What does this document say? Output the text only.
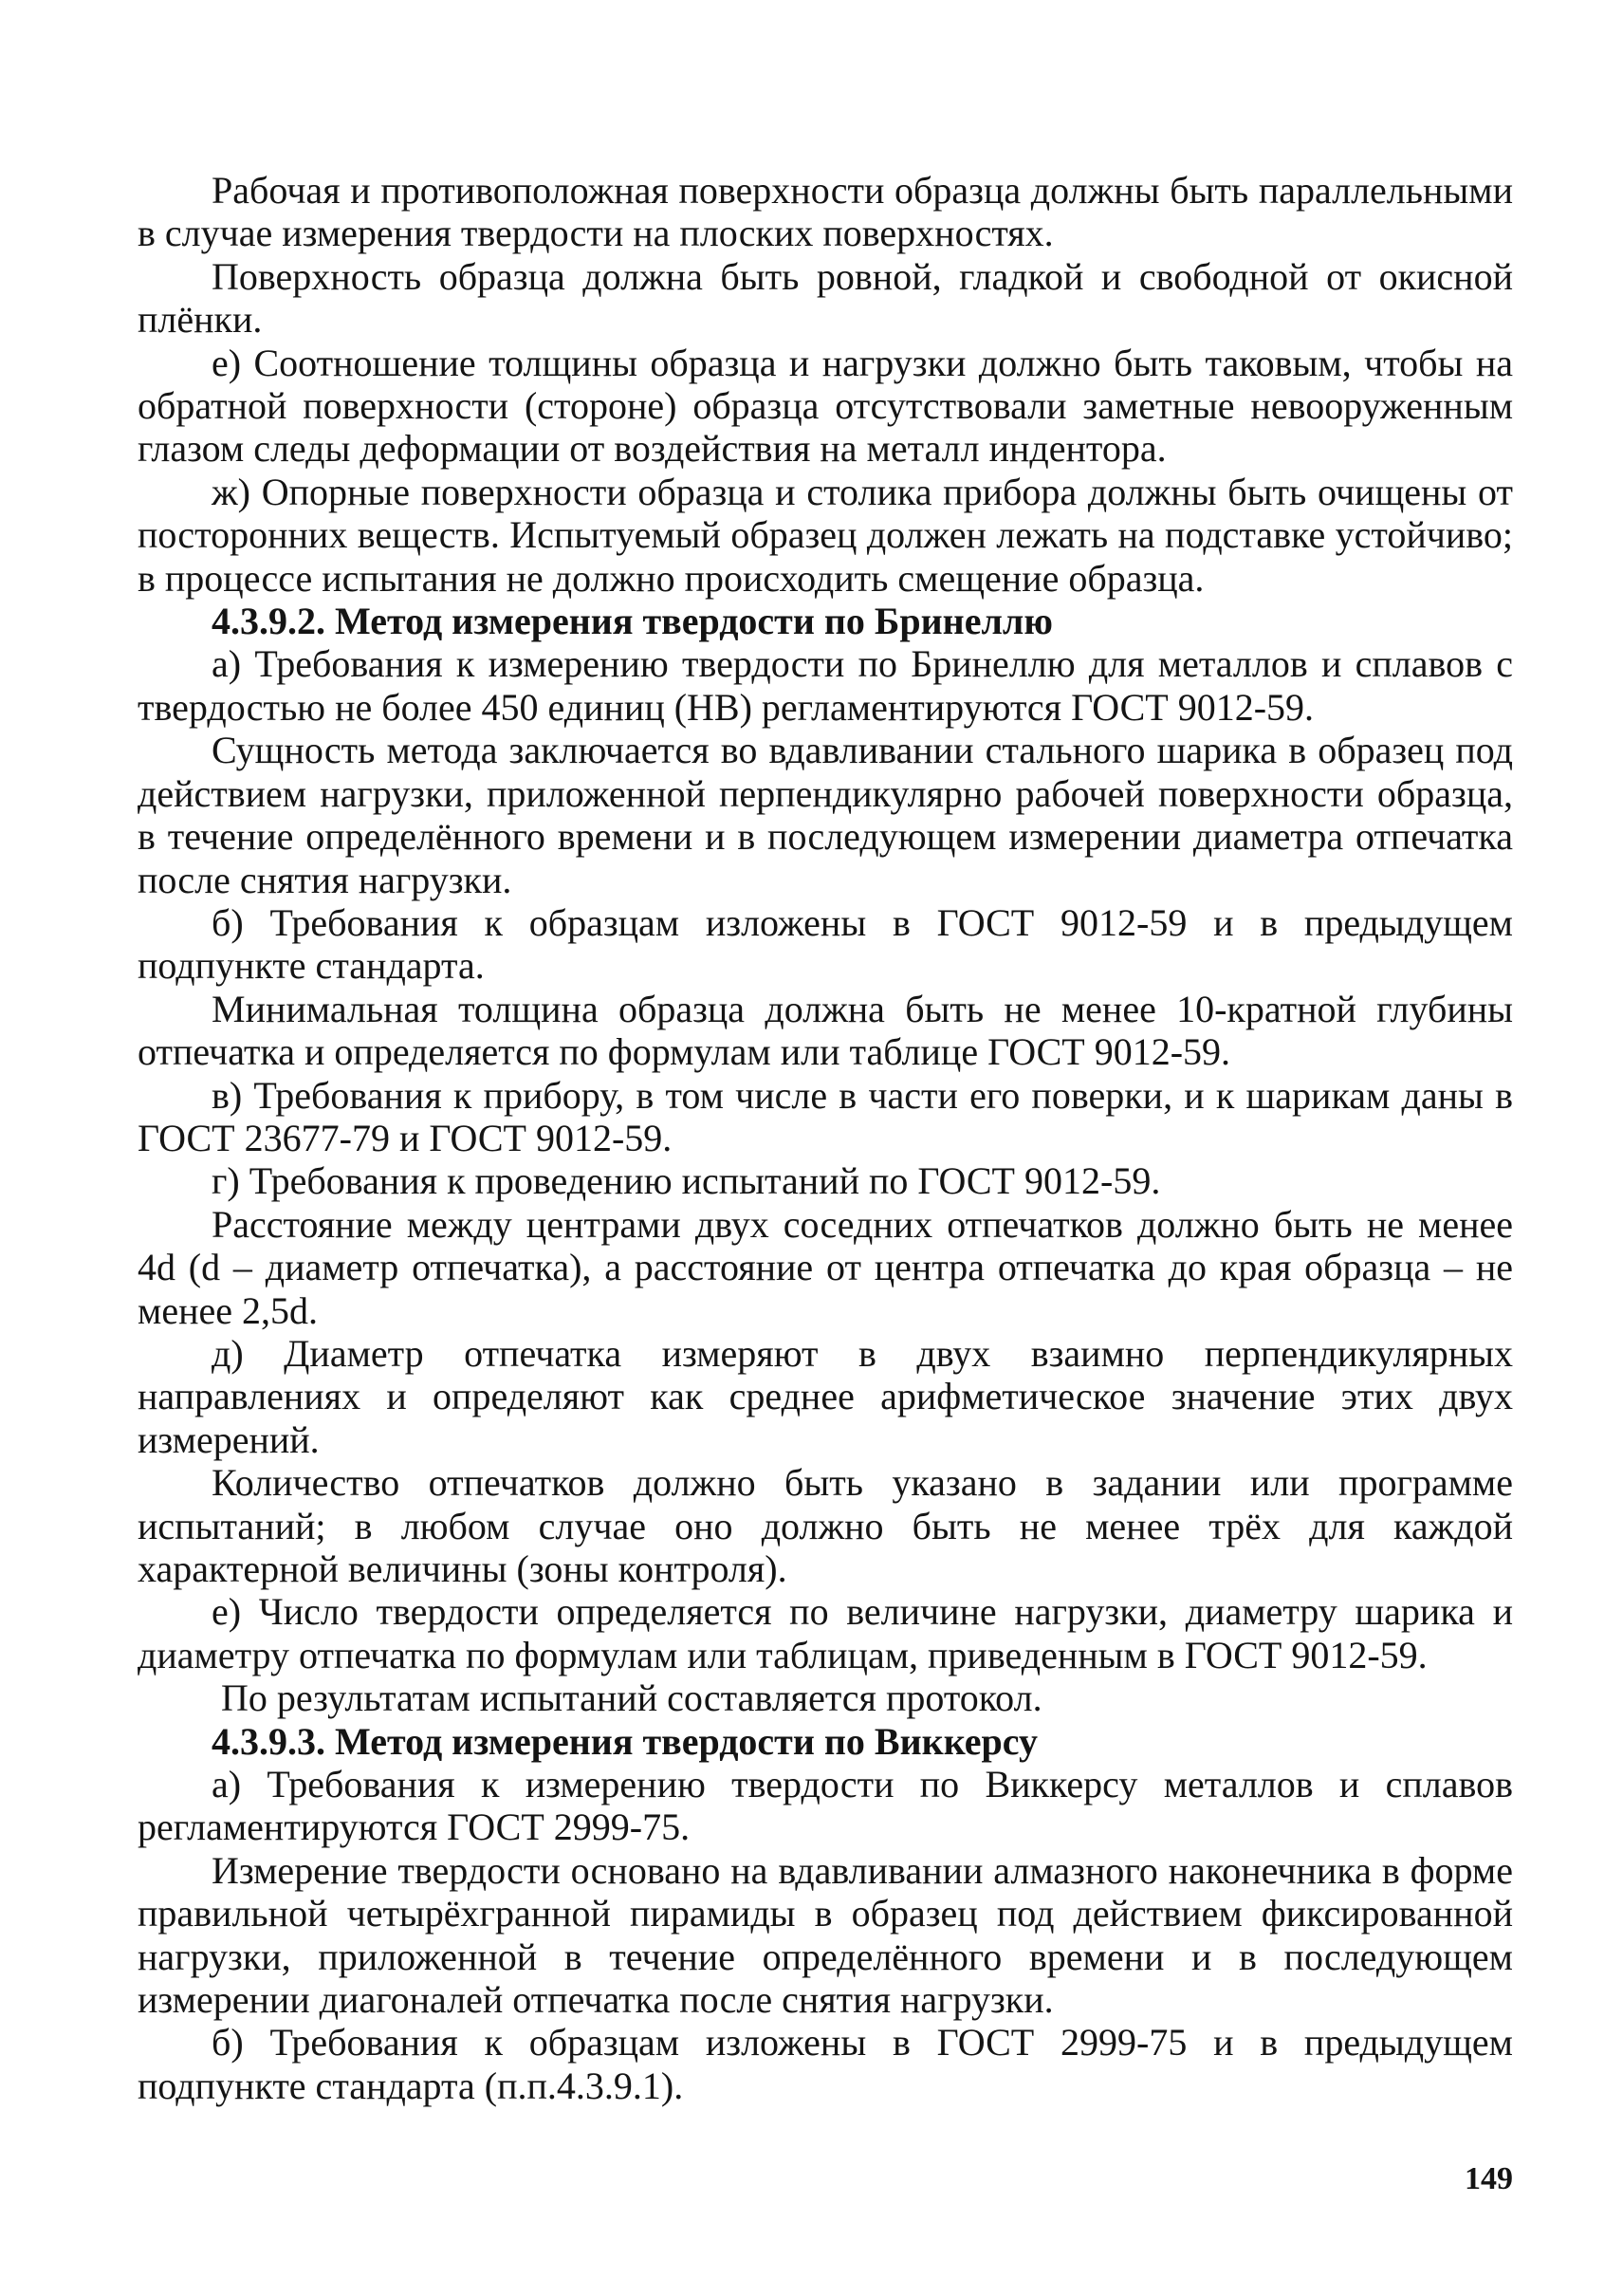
Рабочая и противоположная поверхности образца должны быть параллельными в случае измерения твердости на плоских поверхностях.

Поверхность образца должна быть ровной, гладкой и свободной от окисной плёнки.

е) Соотношение толщины образца и нагрузки должно быть таковым, чтобы на обратной поверхности (стороне) образца отсутствовали заметные невооруженным глазом следы деформации от воздействия на металл индентора.

ж) Опорные поверхности образца и столика прибора должны быть очищены от посторонних веществ. Испытуемый образец должен лежать на подставке устойчиво; в процессе испытания не должно происходить смещение образца.

4.3.9.2. Метод измерения твердости по Бринеллю

а) Требования к измерению твердости по Бринеллю для металлов и сплавов с твердостью не более 450 единиц (НВ) регламентируются ГОСТ 9012-59.

Сущность метода заключается во вдавливании стального шарика в образец под действием нагрузки, приложенной перпендикулярно рабочей поверхности образца, в течение определённого времени и в последующем измерении диаметра отпечатка после снятия нагрузки.

б) Требования к образцам изложены в ГОСТ 9012-59 и в предыдущем подпункте стандарта.

Минимальная толщина образца должна быть не менее 10-кратной глубины отпечатка и определяется по формулам или таблице ГОСТ 9012-59.

в) Требования к прибору, в том числе в части его поверки, и к шарикам даны в ГОСТ 23677-79 и ГОСТ 9012-59.

г) Требования к проведению испытаний по ГОСТ 9012-59.

Расстояние между центрами двух соседних отпечатков должно быть не менее 4d (d – диаметр отпечатка), а расстояние от центра отпечатка до края образца – не менее 2,5d.

д) Диаметр отпечатка измеряют в двух взаимно перпендикулярных направлениях и определяют как среднее арифметическое значение этих двух измерений.

Количество отпечатков должно быть указано в задании или программе испытаний; в любом случае оно должно быть не менее трёх для каждой характерной величины (зоны контроля).

е) Число твердости определяется по величине нагрузки, диаметру шарика и диаметру отпечатка по формулам или таблицам, приведенным в ГОСТ 9012-59.

По результатам испытаний составляется протокол.

4.3.9.3. Метод измерения твердости по Виккерсу

а) Требования к измерению твердости по Виккерсу металлов и сплавов регламентируются ГОСТ 2999-75.

Измерение твердости основано на вдавливании алмазного наконечника в форме правильной четырёхгранной пирамиды в образец под действием фиксированной нагрузки, приложенной в течение определённого времени и в последующем измерении диагоналей отпечатка после снятия нагрузки.

б) Требования к образцам изложены в ГОСТ 2999-75 и в предыдущем подпункте стандарта (п.п.4.3.9.1).

149
